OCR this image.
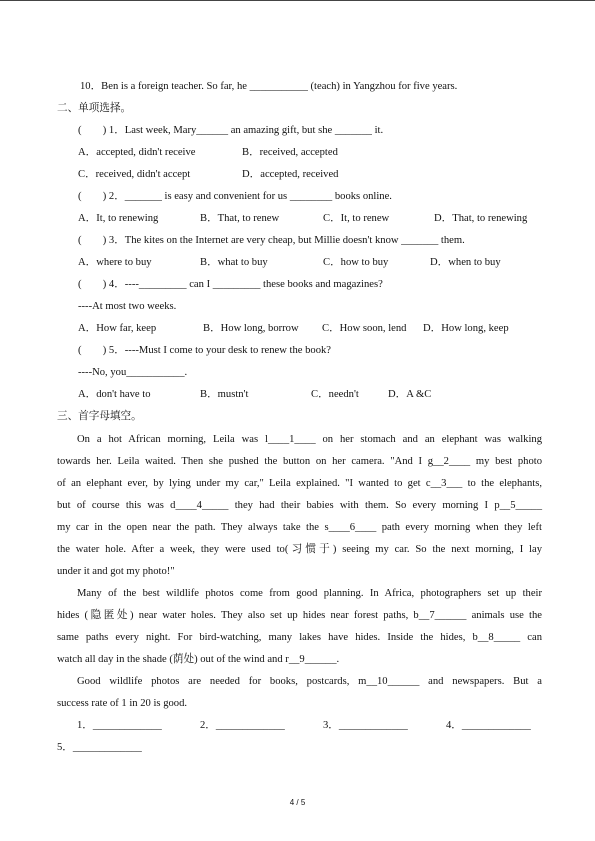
10．Ben is a foreign teacher. So far, he ___________ (teach) in Yangzhou for five years.
二、单项选择。
(　　) 1．Last week, Mary______ an amazing gift, but she _______ it.
A．accepted, didn't receive	B．received, accepted
C．received, didn't accept	D．accepted, received
(　　) 2．_______ is easy and convenient for us ________ books online.
A．It, to renewing	B．That, to renew	C．It, to renew	D．That, to renewing
(　　) 3．The kites on the Internet are very cheap, but Millie doesn't know _______ them.
A．where to buy	B．what to buy	C．how to buy	D．when to buy
(　　) 4．----_________ can I _________ these books and magazines?
----At most two weeks.
A．How far, keep	B．How long, borrow C．How soon, lend D．How long, keep
(　　) 5．----Must I come to your desk to renew the book?
----No, you___________.
A．don't have to	B．mustn't	C．needn't	D．A &C
三、首字母填空。
On a hot African morning, Leila was l____1____ on her stomach and an elephant was walking
towards her. Leila waited. Then she pushed the button on her camera. "And I g__2____ my best photo
of an elephant ever, by lying under my car," Leila explained. "I wanted to get c__3___ to the elephants,
but of course this was d____4_____ they had their babies with them. So every morning I p__5_____
my car in the open near the path. They always take the s____6____ path every morning when they left
the water hole. After a week, they were used to(习惯于) seeing my car. So the next morning, I lay
under it and got my photo!"
Many of the best wildlife photos come from good planning. In Africa, photographers set up their
hides (隐匿处) near water holes. They also set up hides near forest paths, b__7______ animals use the
same paths every night. For bird-watching, many lakes have hides. Inside the hides, b__8_____ can
watch all day in the shade (荫处) out of the wind and r__9______.
Good wildlife photos are needed for books, postcards, m__10______ and newspapers. But a
success rate of 1 in 20 is good.
1．_____________	2．_____________	3．_____________	4．_____________
5．_____________
4 / 5
